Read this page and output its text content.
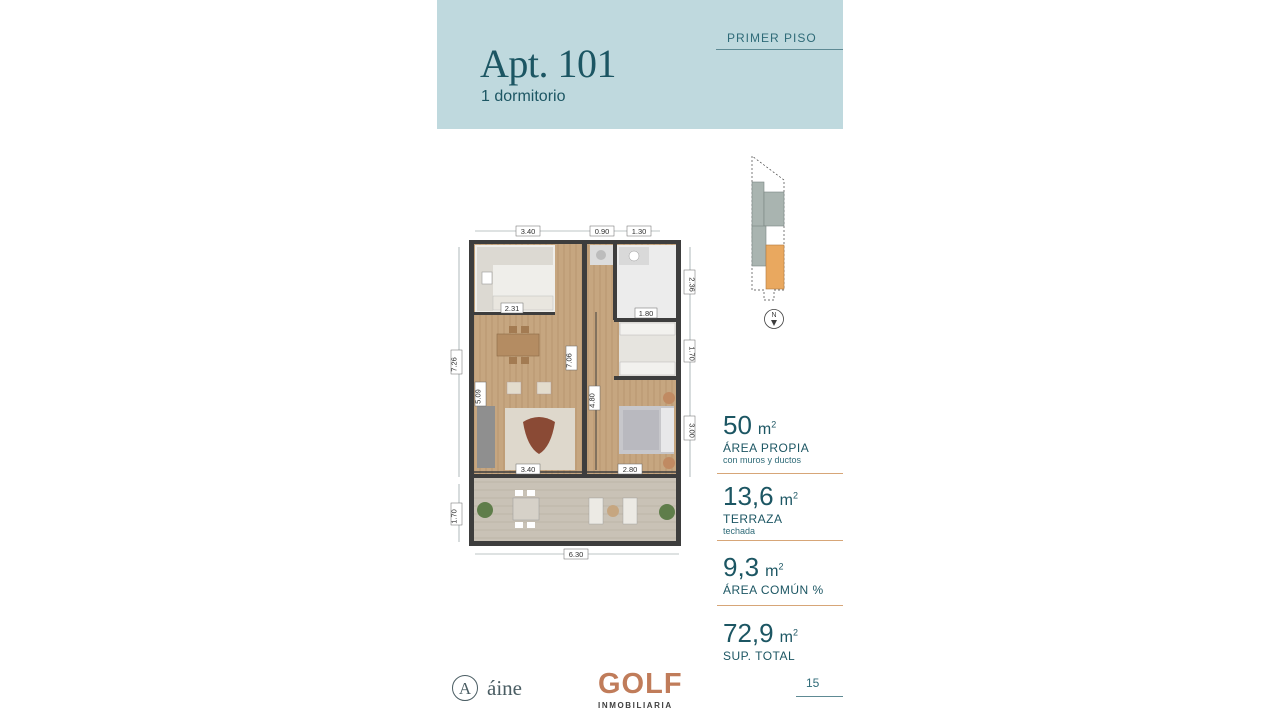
PRIMER PISO
Apt. 101
1 dormitorio
3.40	0.90	1.30
2.36
2.31
1.80
1.70
7.26	7.06
5.09	4.80
3.00
3.40	2.80
1.70
6.30
N
50 $m^2$
ÁREA PROPIA
con muros y ductos
13,6 $m^2$
TERRAZA
techada
9,3 $m^2$
ÁREA COMÚN %
72,9 $m^2$
SUP. TOTAL
A áine	GOLF
INMOBILIARIA
15
